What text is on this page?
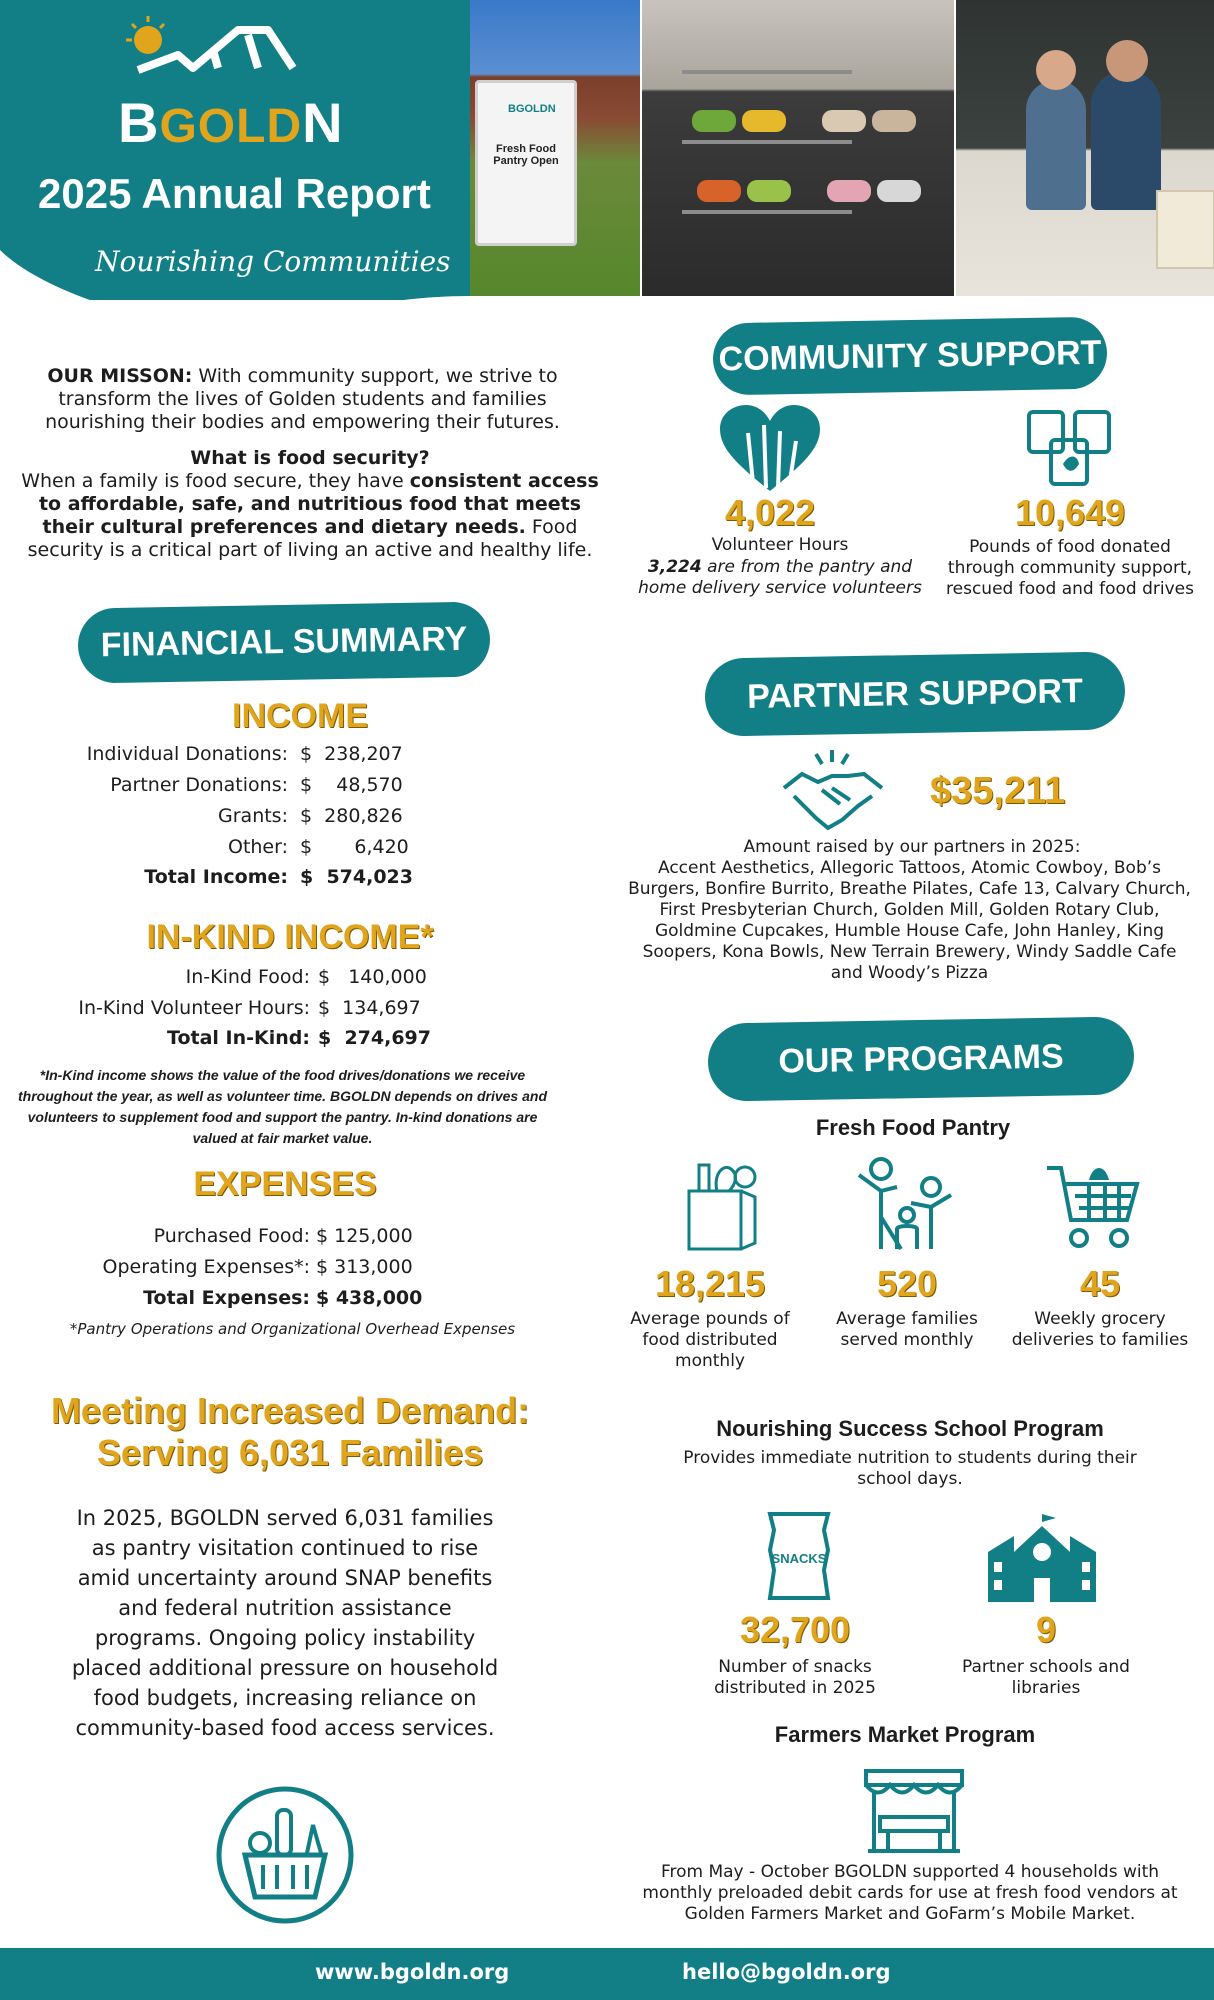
BGOLDN
Fresh Food Pantry Open
BGOLDN
2025 Annual Report
Nourishing Communities
OUR MISSON: With community support, we strive to transform the lives of Golden students and families nourishing their bodies and empowering their futures.
What is food security?
When a family is food secure, they have consistent access to affordable, safe, and nutritious food that meets their cultural preferences and dietary needs. Food security is a critical part of living an active and healthy life.
FINANCIAL SUMMARY
INCOME
Individual Donations: $  238,207
Partner Donations: $    48,570
Grants: $  280,826
Other: $       6,420
Total Income: $  574,023
IN-KIND INCOME*
In-Kind Food: $   140,000
In-Kind Volunteer Hours: $  134,697
Total In-Kind: $  274,697
*In-Kind income shows the value of the food drives/donations we receive throughout the year, as well as volunteer time. BGOLDN depends on drives and volunteers to supplement food and support the pantry. In-kind donations are valued at fair market value.
EXPENSES
Purchased Food: $ 125,000
Operating Expenses*: $ 313,000
Total Expenses: $ 438,000
*Pantry Operations and Organizational Overhead Expenses
Meeting Increased Demand:
Serving 6,031 Families
In 2025, BGOLDN served 6,031 families as pantry visitation continued to rise amid uncertainty around SNAP benefits and federal nutrition assistance programs. Ongoing policy instability placed additional pressure on household food budgets, increasing reliance on community-based food access services.
COMMUNITY SUPPORT
4,022
Volunteer Hours
3,224 are from the pantry and home delivery service volunteers
10,649
Pounds of food donated through community support, rescued food and food drives
PARTNER SUPPORT
$35,211
Amount raised by our partners in 2025:
Accent Aesthetics, Allegoric Tattoos, Atomic Cowboy, Bob’s Burgers, Bonfire Burrito, Breathe Pilates, Cafe 13, Calvary Church, First Presbyterian Church, Golden Mill, Golden Rotary Club, Goldmine Cupcakes, Humble House Cafe, John Hanley, King Soopers, Kona Bowls, New Terrain Brewery, Windy Saddle Cafe and Woody’s Pizza
OUR PROGRAMS
Fresh Food Pantry
18,215
Average pounds of food distributed monthly
520
Average families served monthly
45
Weekly grocery deliveries to families
Nourishing Success School Program
Provides immediate nutrition to students during their school days.
SNACKS
32,700
Number of snacks distributed in 2025
9
Partner schools and libraries
Farmers Market Program
From May - October BGOLDN supported 4 households with monthly preloaded debit cards for use at fresh food vendors at Golden Farmers Market and GoFarm’s Mobile Market.
www.bgoldn.org	hello@bgoldn.org
